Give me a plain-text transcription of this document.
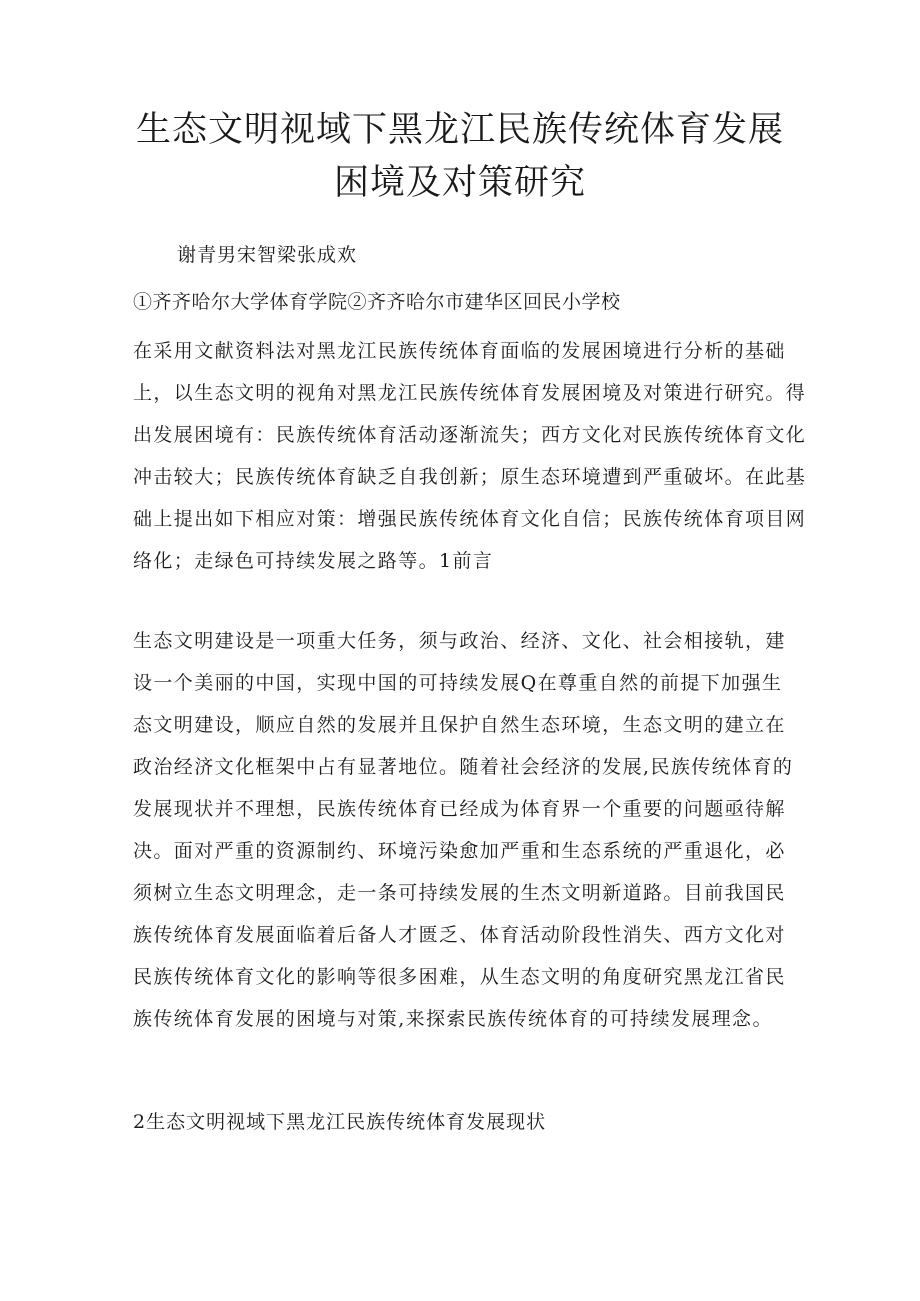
生态文明视域下黑龙江民族传统体育发展
困境及对策研究

谢青男宋智梁张成欢

①齐齐哈尔大学体育学院②齐齐哈尔市建华区回民小学校

在采用文献资料法对黑龙江民族传统体育面临的发展困境进行分析的基础
上，以生态文明的视角对黑龙江民族传统体育发展困境及对策进行研究。得
出发展困境有：民族传统体育活动逐渐流失；西方文化对民族传统体育文化
冲击较大；民族传统体育缺乏自我创新；原生态环境遭到严重破坏。在此基
础上提出如下相应对策：增强民族传统体育文化自信；民族传统体育项目网
络化；走绿色可持续发展之路等。1前言
生态文明建设是一项重大任务，须与政治、经济、文化、社会相接轨，建
设一个美丽的中国，实现中国的可持续发展Q在尊重自然的前提下加强生
态文明建设，顺应自然的发展并且保护自然生态环境，生态文明的建立在
政治经济文化框架中占有显著地位。随着社会经济的发展,民族传统体育的
发展现状并不理想，民族传统体育已经成为体育界一个重要的问题亟待解
决。面对严重的资源制约、环境污染愈加严重和生态系统的严重退化，必
须树立生态文明理念，走一条可持续发展的生杰文明新道路。目前我国民
族传统体育发展面临着后备人才匮乏、体育活动阶段性消失、西方文化对
民族传统体育文化的影响等很多困难，从生态文明的角度研究黑龙江省民
族传统体育发展的困境与对策,来探索民族传统体育的可持续发展理念。

2生态文明视域下黑龙江民族传统体育发展现状
